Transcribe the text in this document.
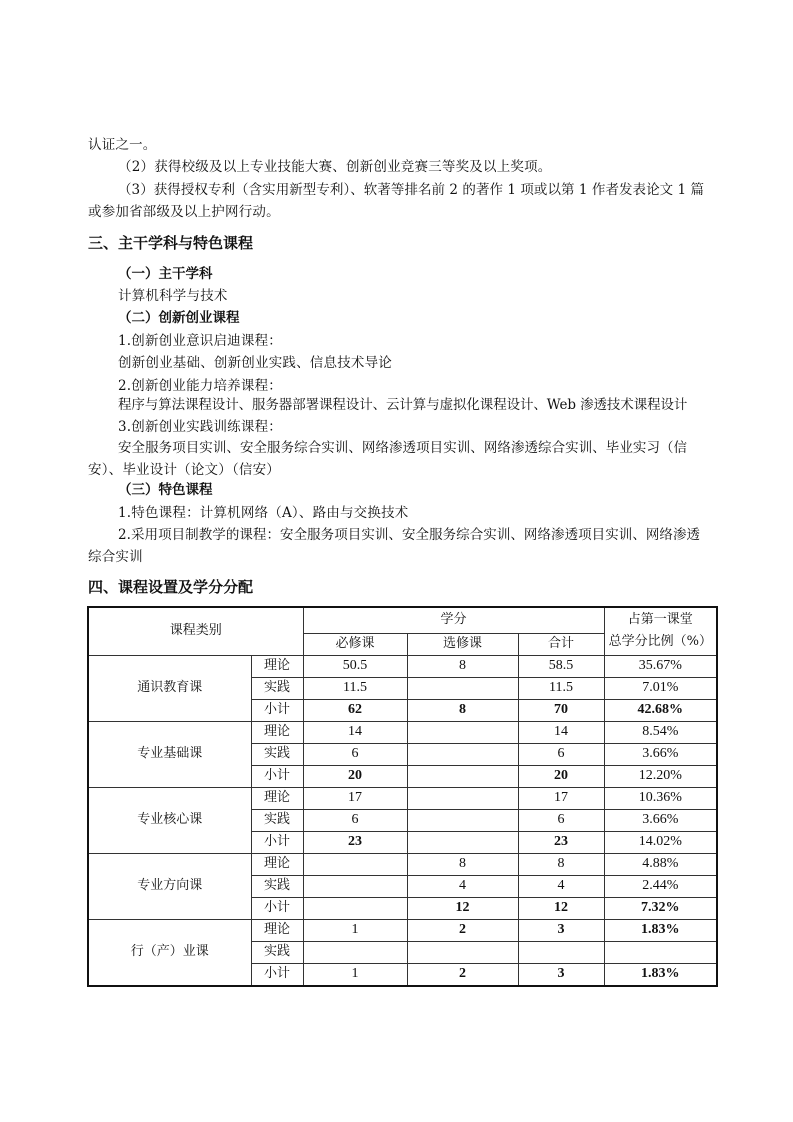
认证之一。
（2）获得校级及以上专业技能大赛、创新创业竞赛三等奖及以上奖项。
（3）获得授权专利（含实用新型专利）、软著等排名前 2 的著作 1 项或以第 1 作者发表论文 1 篇
或参加省部级及以上护网行动。
三、主干学科与特色课程
（一）主干学科
计算机科学与技术
（二）创新创业课程
1.创新创业意识启迪课程：
创新创业基础、创新创业实践、信息技术导论
2.创新创业能力培养课程：
程序与算法课程设计、服务器部署课程设计、云计算与虚拟化课程设计、Web 渗透技术课程设计
3.创新创业实践训练课程：
安全服务项目实训、安全服务综合实训、网络渗透项目实训、网络渗透综合实训、毕业实习（信
安）、毕业设计（论文）（信安）
（三）特色课程
1.特色课程：计算机网络（A）、路由与交换技术
2.采用项目制教学的课程：安全服务项目实训、安全服务综合实训、网络渗透项目实训、网络渗透
综合实训
四、课程设置及学分分配
课程类别		学分			占第一课堂
总学分比例（%）
		必修课	选修课	合计	
通识教育课	理论	50.5	8	58.5	35.67%
	实践	11.5		11.5	7.01%
	小计	62	8	70	42.68%
专业基础课	理论	14		14	8.54%
	实践	6		6	3.66%
	小计	20		20	12.20%
专业核心课	理论	17		17	10.36%
	实践	6		6	3.66%
	小计	23		23	14.02%
专业方向课	理论		8	8	4.88%
	实践		4	4	2.44%
	小计		12	12	7.32%
行（产）业课	理论	1	2	3	1.83%
	实践				
	小计	1	2	3	1.83%
